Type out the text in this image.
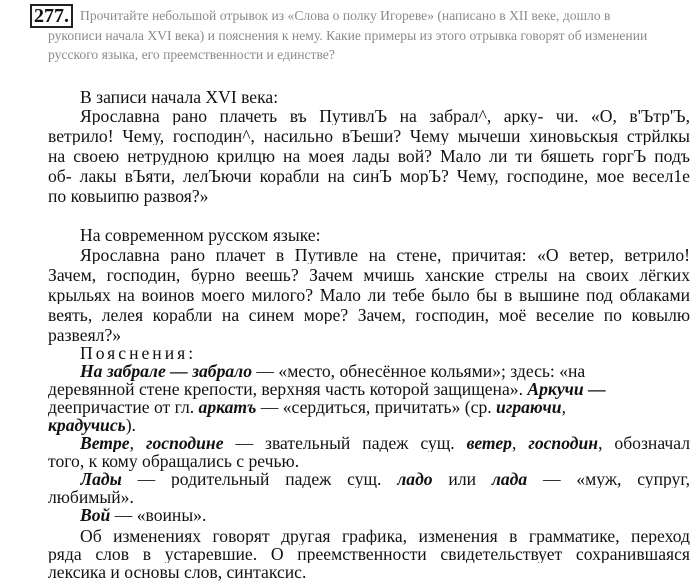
277. Прочитайте небольшой отрывок из «Слова о полку Игореве» (написано в XII веке, дошло в
рукописи начала XVI века) и пояснения к нему. Какие примеры из этого отрывка говорят об изменении
русского языка, его преемственности и единстве?
В записи начала XVI века:
Ярославна рано плачеть въ ПутивлЪ на забрал^, арку- чи. «О, в'Ътр'Ъ,
ветрило! Чему, господин^, насильно вЪеши? Чему мычеши хиновьскыя стрйлкы
на своею нетрудною крилцю на моея лады вой? Мало ли ти бяшеть горгЪ подъ
об- лакы вЪяти, лелЪючи корабли на синЪ морЪ? Чему, господине, мое весел1е
по ковыипю развоя?»
На современном русском языке:
Ярославна рано плачет в Путивле на стене, причитая: «О ветер, ветрило!
Зачем, господин, бурно веешь? Зачем мчишь ханские стрелы на своих лёгких
крыльях на воинов моего милого? Мало ли тебе было бы в вышине под облаками
веять, лелея корабли на синем море? Зачем, господин, моё веселие по ковылю
развеял?»
Пояснения:
На забрале — забрало — «место, обнесённое кольями»; здесь: «на
деревянной стене крепости, верхняя часть которой защищена». Аркучи —
деепричастие от гл. аркатъ — «сердиться, причитать» (ср. играючи,
крадучись).
Ветре, господине — звательный падеж сущ. ветер, господин, обозначал
того, к кому обращались с речью.
Лады — родительный падеж сущ. ладо или лада — «муж, супруг,
любимый».
Вой — «воины».
Об изменениях говорят другая графика, изменения в грамматике, переход
ряда слов в устаревшие. О преемственности свидетельствует сохранившаяся
лексика и основы слов, синтаксис.
